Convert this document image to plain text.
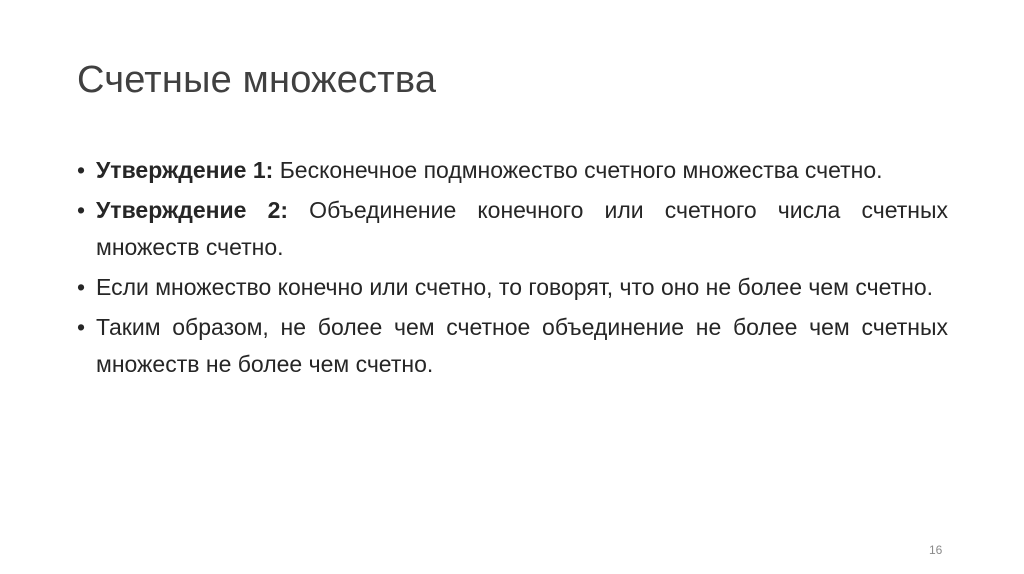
Счетные множества
• Утверждение 1: Бесконечное подмножество счетного множества счетно.
• Утверждение 2: Объединение конечного или счетного числа счетных множеств счетно.
• Если множество конечно или счетно, то говорят, что оно не более чем счетно.
• Таким образом, не более чем счетное объединение не более чем счетных множеств не более чем счетно.
16
